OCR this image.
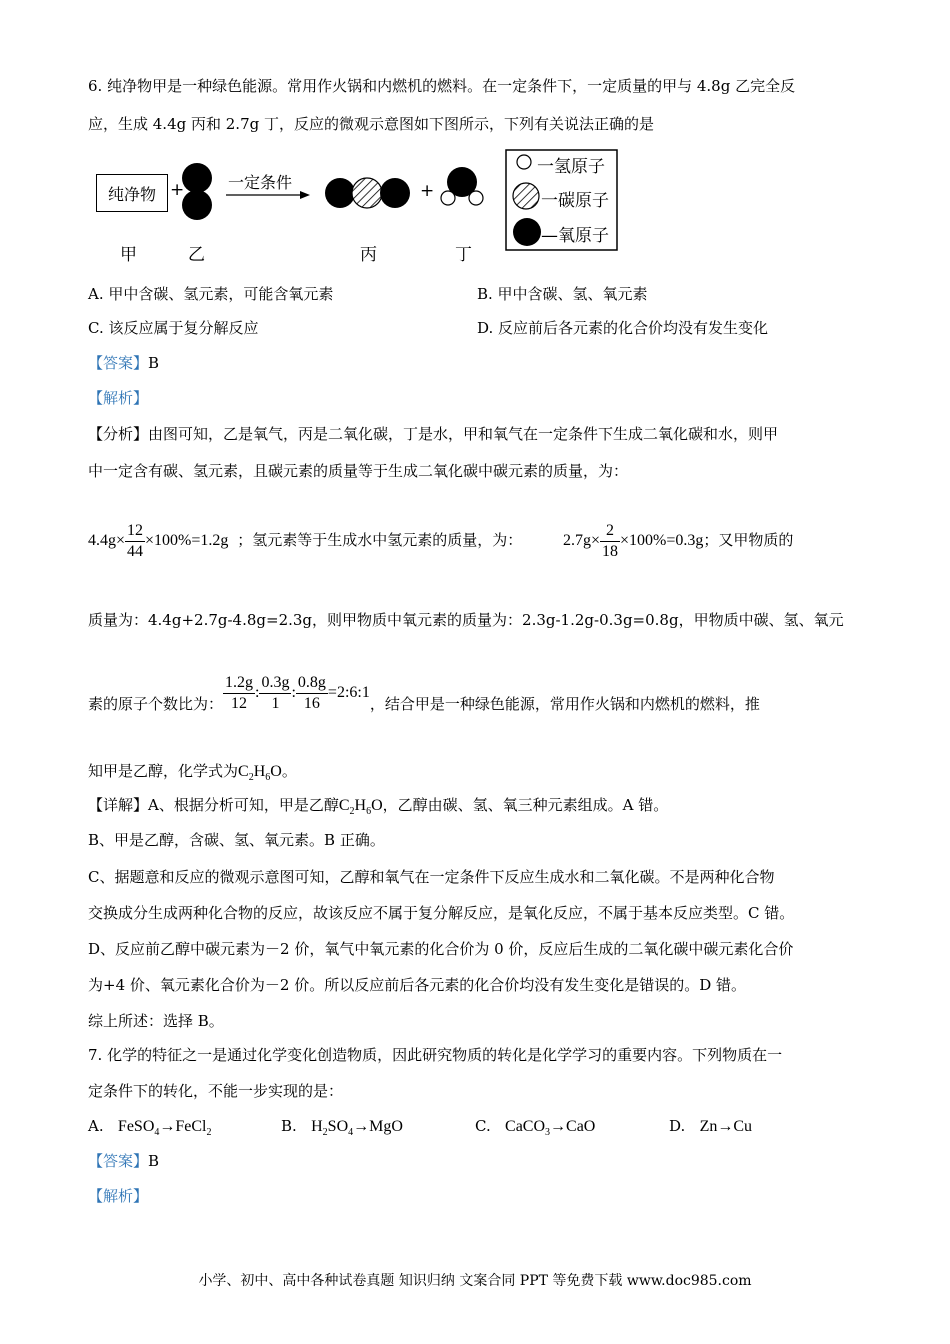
6. 纯净物甲是一种绿色能源。常用作火锅和内燃机的燃料。在一定条件下，一定质量的甲与 4.8g 乙完全反
应，生成 4.4g 丙和 2.7g 丁，反应的微观示意图如下图所示，下列有关说法正确的是
纯净物 +	一定条件	+
一氢原子
一碳原子
—氧原子
甲	乙	丙	丁
A. 甲中含碳、氢元素，可能含氧元素	B. 甲中含碳、氢、氧元素
C. 该反应属于复分解反应	D. 反应前后各元素的化合价均没有发生变化
【答案】B
【解析】
【分析】由图可知，乙是氧气，丙是二氧化碳，丁是水，甲和氧气在一定条件下生成二氧化碳和水，则甲
中一定含有碳、氢元素，且碳元素的质量等于生成二氧化碳中碳元素的质量，为：
$4.4g\times \frac{12}{44} \times 100\%=1.2g$ ；氢元素等于生成水中氢元素的质量，为：	$2.7g\times \frac{2}{18} \times 100\%=0.3g$；又甲物质的
质量为：4.4g+2.7g-4.8g=2.3g，则甲物质中氧元素的质量为：2.3g-1.2g-0.3g=0.8g，甲物质中碳、氢、氧元
素的原子个数比为： $\frac{1.2g}{12}$ : $\frac{0.3g}{1}$ : $\frac{0.8g}{16}$ =2:6:1，结合甲是一种绿色能源，常用作火锅和内燃机的燃料，推
知甲是乙醇，化学式为$C_2H_6O$。
【详解】A、根据分析可知，甲是乙醇$C_2H_6O$，乙醇由碳、氢、氧三种元素组成。A 错。
B、甲是乙醇，含碳、氢、氧元素。B 正确。
C、据题意和反应的微观示意图可知，乙醇和氧气在一定条件下反应生成水和二氧化碳。不是两种化合物
交换成分生成两种化合物的反应，故该反应不属于复分解反应，是氧化反应，不属于基本反应类型。C 错。
D、反应前乙醇中碳元素为－2 价，氧气中氧元素的化合价为 0 价，反应后生成的二氧化碳中碳元素化合价
为+4 价、氧元素化合价为－2 价。所以反应前后各元素的化合价均没有发生变化是错误的。D 错。
综上所述：选择 B。
7. 化学的特征之一是通过化学变化创造物质，因此研究物质的转化是化学学习的重要内容。下列物质在一
定条件下的转化，不能一步实现的是：
A. FeSO$_4$→FeCl$_2$	B. $H_2SO_4\to MgO$	C. CaCO$_3$→CaO	D. Zn→Cu
【答案】B
【解析】
小学、初中、高中各种试卷真题 知识归纳 文案合同 PPT 等免费下载 www.doc985.com
